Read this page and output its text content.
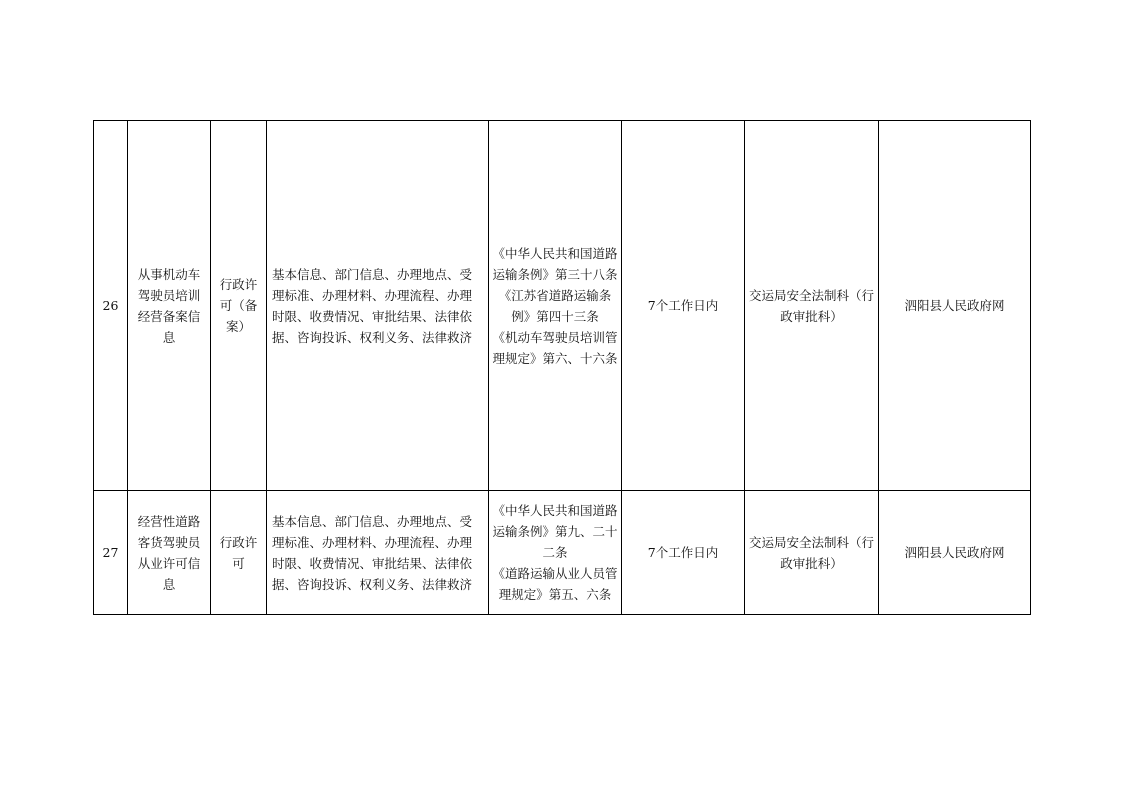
26	从事机动车驾驶员培训经营备案信息	行政许可（备案）	基本信息、部门信息、办理地点、受理标准、办理材料、办理流程、办理时限、收费情况、审批结果、法律依据、咨询投诉、权利义务、法律救济	《中华人民共和国道路运输条例》第三十八条
《江苏省道路运输条例》第四十三条
《机动车驾驶员培训管理规定》第六、十六条	7个工作日内	交运局安全法制科（行政审批科）	泗阳县人民政府网
27	经营性道路客货驾驶员从业许可信息	行政许可	基本信息、部门信息、办理地点、受理标准、办理材料、办理流程、办理时限、收费情况、审批结果、法律依据、咨询投诉、权利义务、法律救济	《中华人民共和国道路运输条例》第九、二十二条
《道路运输从业人员管理规定》第五、六条	7个工作日内	交运局安全法制科（行政审批科）	泗阳县人民政府网
